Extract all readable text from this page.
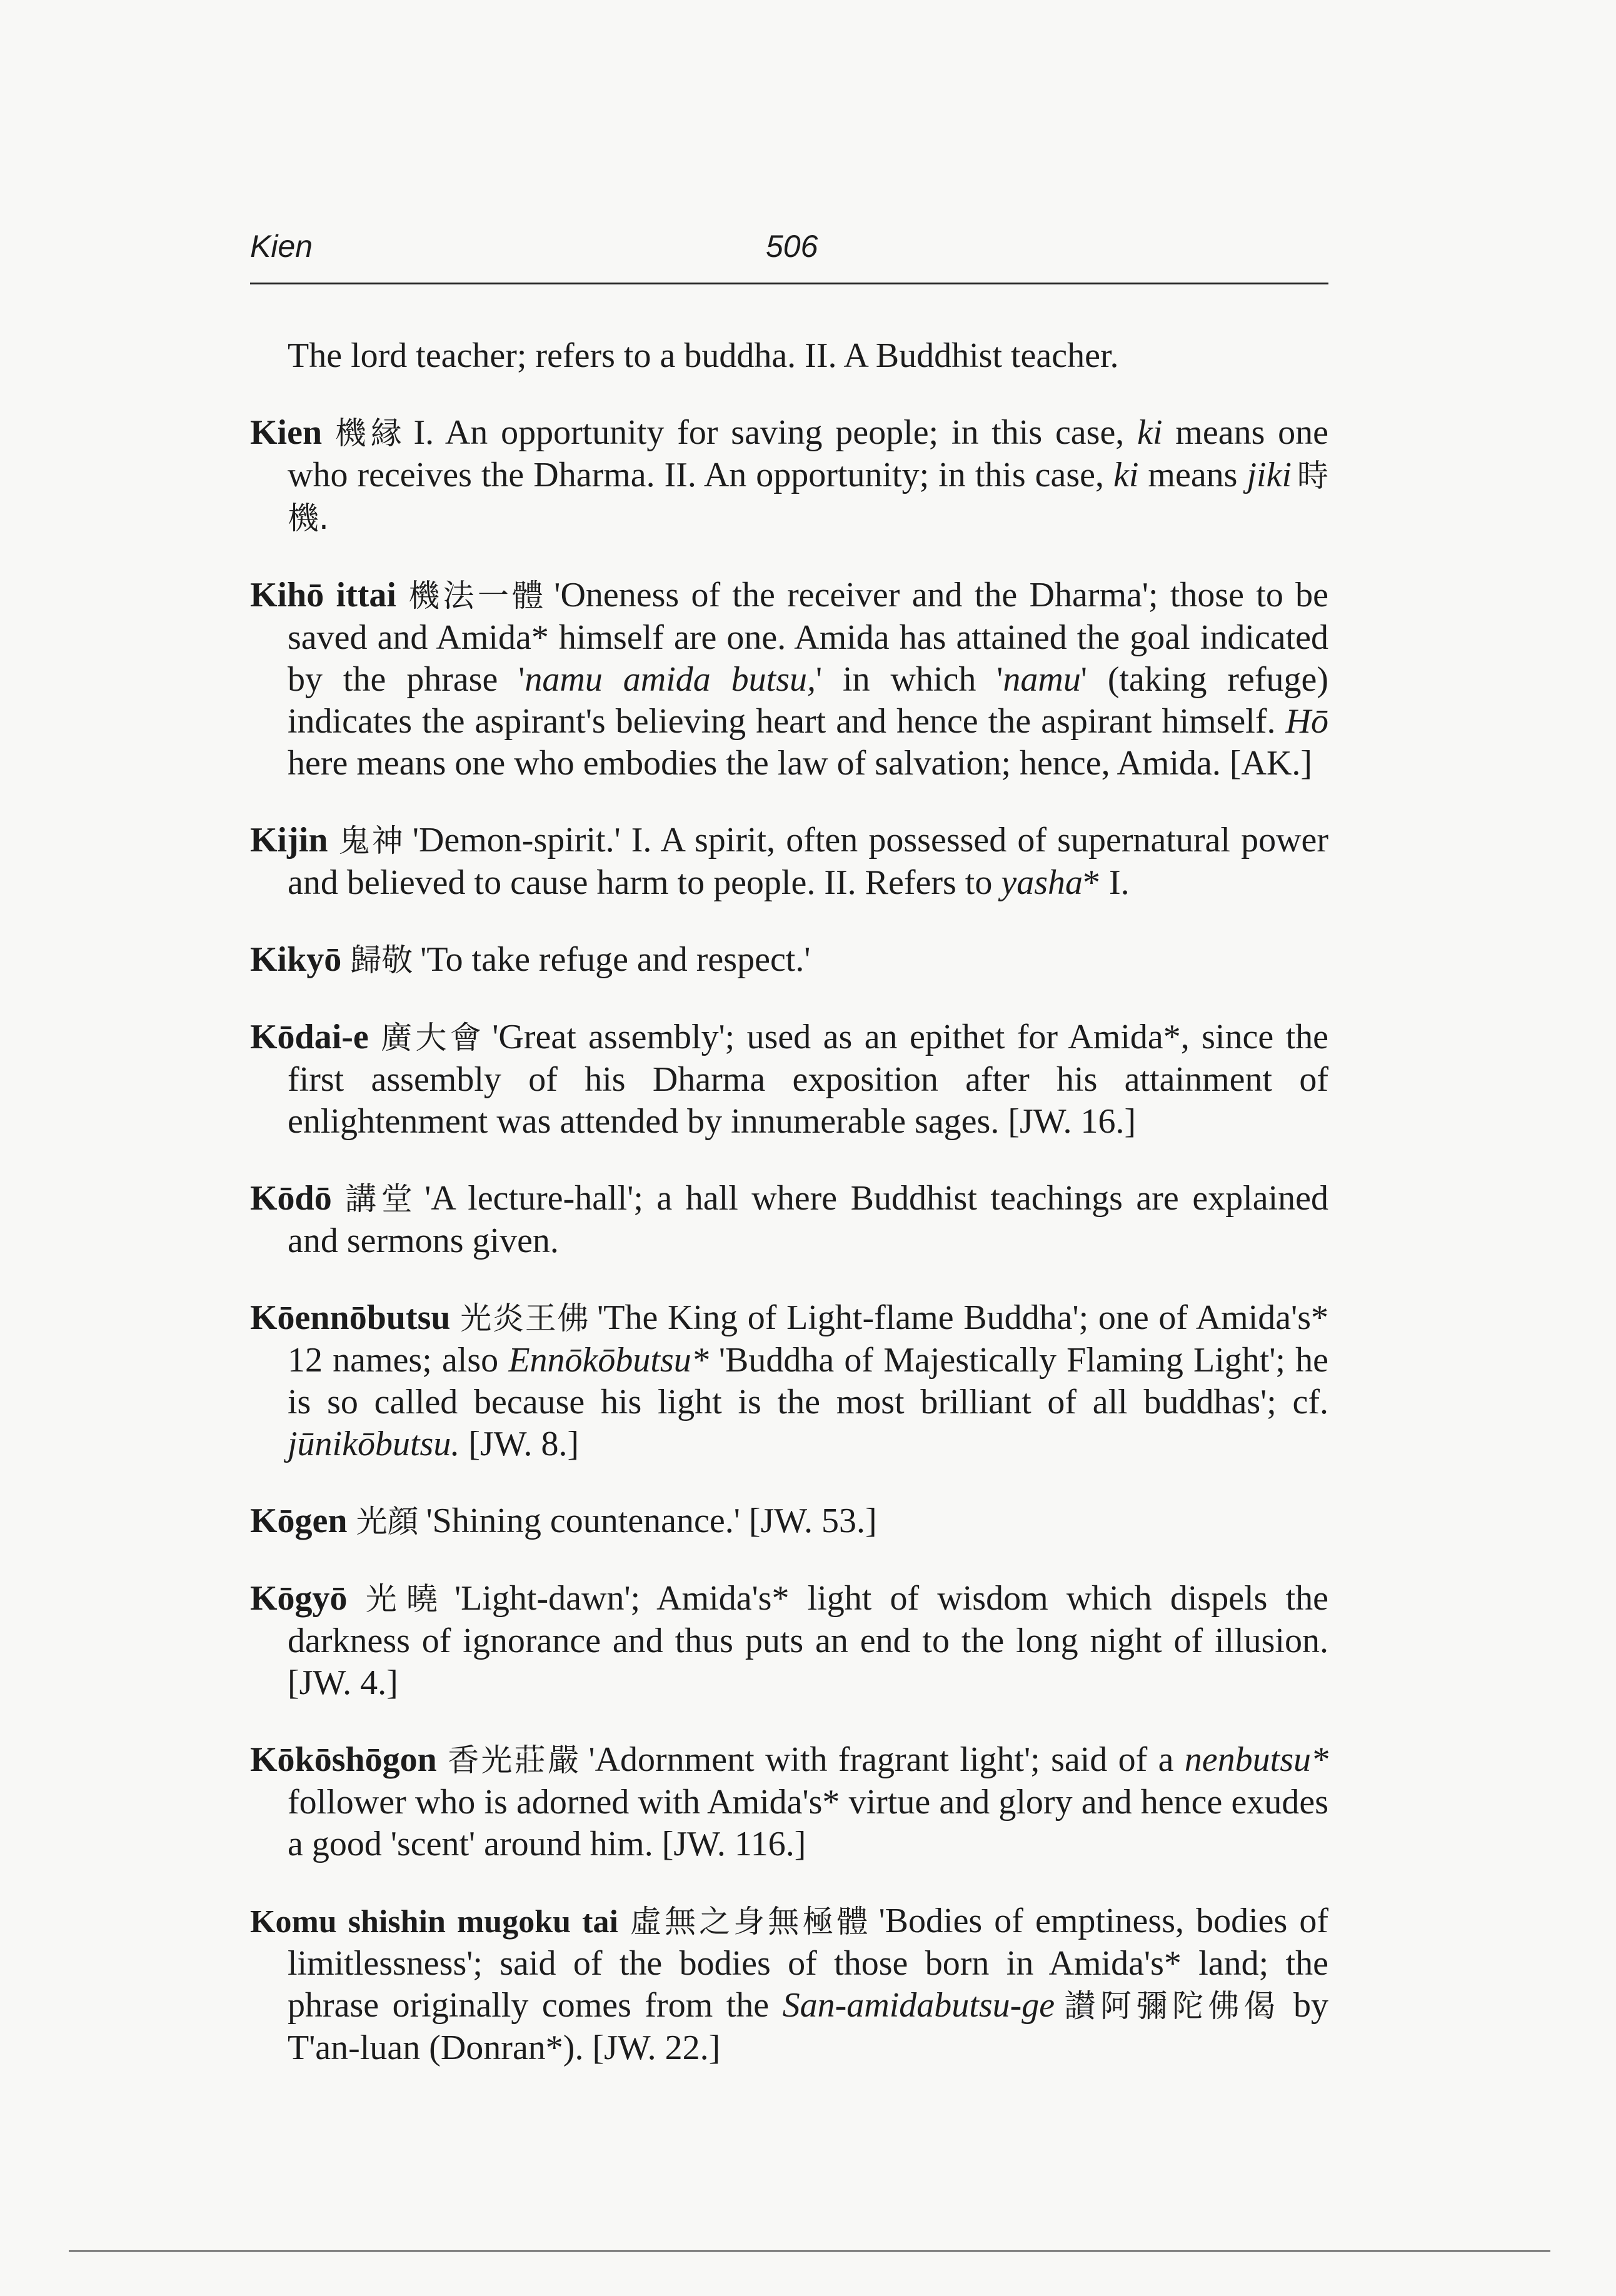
Kien	506

The lord teacher; refers to a buddha. II. A Buddhist teacher.

Kien 機縁 I. An opportunity for saving people; in this case, ki means one who receives the Dharma. II. An opportunity; in this case, ki means jiki 時機.

Kihō ittai 機法一體 'Oneness of the receiver and the Dharma'; those to be saved and Amida* himself are one. Amida has attained the goal indicated by the phrase 'namu amida butsu,' in which 'namu' (taking refuge) indicates the aspirant's believing heart and hence the aspirant himself. Hō here means one who embodies the law of salvation; hence, Amida. [AK.]

Kijin 鬼神 'Demon-spirit.' I. A spirit, often possessed of supernatural power and believed to cause harm to people. II. Refers to yasha* I.

Kikyō 歸敬 'To take refuge and respect.'

Kōdai-e 廣大會 'Great assembly'; used as an epithet for Amida*, since the first assembly of his Dharma exposition after his attainment of enlightenment was attended by innumerable sages. [JW. 16.]

Kōdō 講堂 'A lecture-hall'; a hall where Buddhist teachings are explained and sermons given.

Kōennōbutsu 光炎王佛 'The King of Light-flame Buddha'; one of Amida's* 12 names; also Ennōkōbutsu* 'Buddha of Majestically Flaming Light'; he is so called because his light is the most brilliant of all buddhas'; cf. jūnikōbutsu. [JW. 8.]

Kōgen 光顔 'Shining countenance.' [JW. 53.]

Kōgyō 光曉 'Light-dawn'; Amida's* light of wisdom which dispels the darkness of ignorance and thus puts an end to the long night of illusion. [JW. 4.]

Kōkōshōgon 香光莊嚴 'Adornment with fragrant light'; said of a nenbutsu* follower who is adorned with Amida's* virtue and glory and hence exudes a good 'scent' around him. [JW. 116.]

Komu shishin mugoku tai 虛無之身無極體 'Bodies of emptiness, bodies of limitlessness'; said of the bodies of those born in Amida's* land; the phrase originally comes from the San-amidabutsu-ge 讃阿彌陀佛偈 by T'an-luan (Donran*). [JW. 22.]
